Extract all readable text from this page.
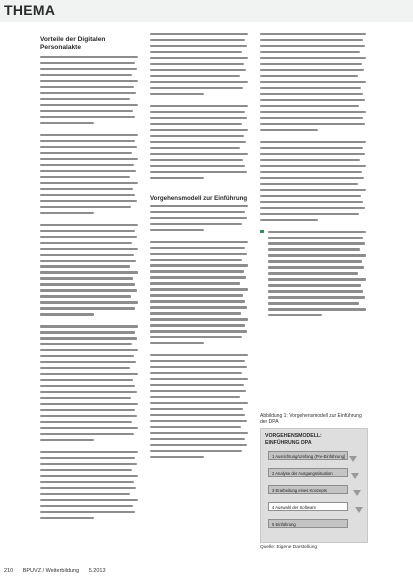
THEMA
Vorteile der Digitalen Personalakte
Vorgehensmodell zur Einführung
Abbildung 1: Vorgehensmodell zur Einführung der DPA
VORGEHENSMODELL: EINFÜHRUNG DPA
1 Ausrichtung/Umfang (Pre-Einführung)
2 Analyse der Ausgangssituation
3 Erarbeitung eines Konzepts
4 Auswahl der Software
5 Einführung
Quelle: Eigene Darstellung
210 BPUVZ / Weiterbildung 5.2013
